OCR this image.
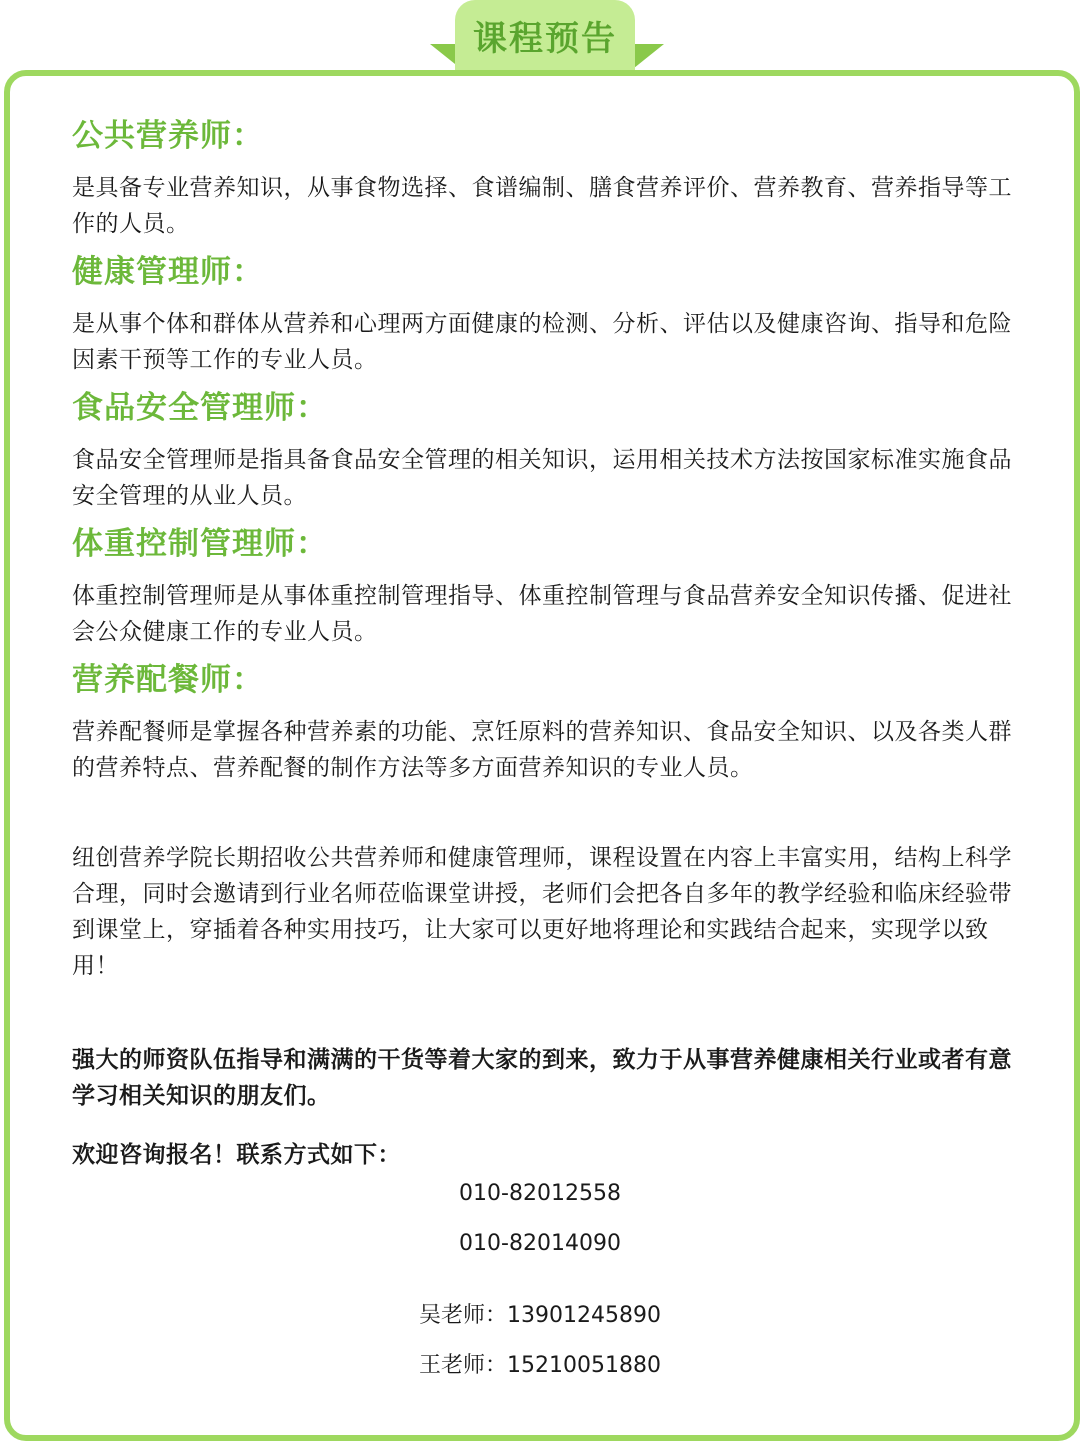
课程预告
公共营养师：

是具备专业营养知识，从事食物选择、食谱编制、膳食营养评价、营养教育、营养指导等工作的人员。

健康管理师：

是从事个体和群体从营养和心理两方面健康的检测、分析、评估以及健康咨询、指导和危险因素干预等工作的专业人员。

食品安全管理师：

食品安全管理师是指具备食品安全管理的相关知识，运用相关技术方法按国家标准实施食品安全管理的从业人员。

体重控制管理师：

体重控制管理师是从事体重控制管理指导、体重控制管理与食品营养安全知识传播、促进社会公众健康工作的专业人员。

营养配餐师：

营养配餐师是掌握各种营养素的功能、烹饪原料的营养知识、食品安全知识、以及各类人群的营养特点、营养配餐的制作方法等多方面营养知识的专业人员。

纽创营养学院长期招收公共营养师和健康管理师，课程设置在内容上丰富实用，结构上科学合理，同时会邀请到行业名师莅临课堂讲授，老师们会把各自多年的教学经验和临床经验带到课堂上，穿插着各种实用技巧，让大家可以更好地将理论和实践结合起来，实现学以致用！

强大的师资队伍指导和满满的干货等着大家的到来，致力于从事营养健康相关行业或者有意学习相关知识的朋友们。

欢迎咨询报名！联系方式如下：

010-82012558
010-82014090
吴老师：13901245890
王老师：15210051880
